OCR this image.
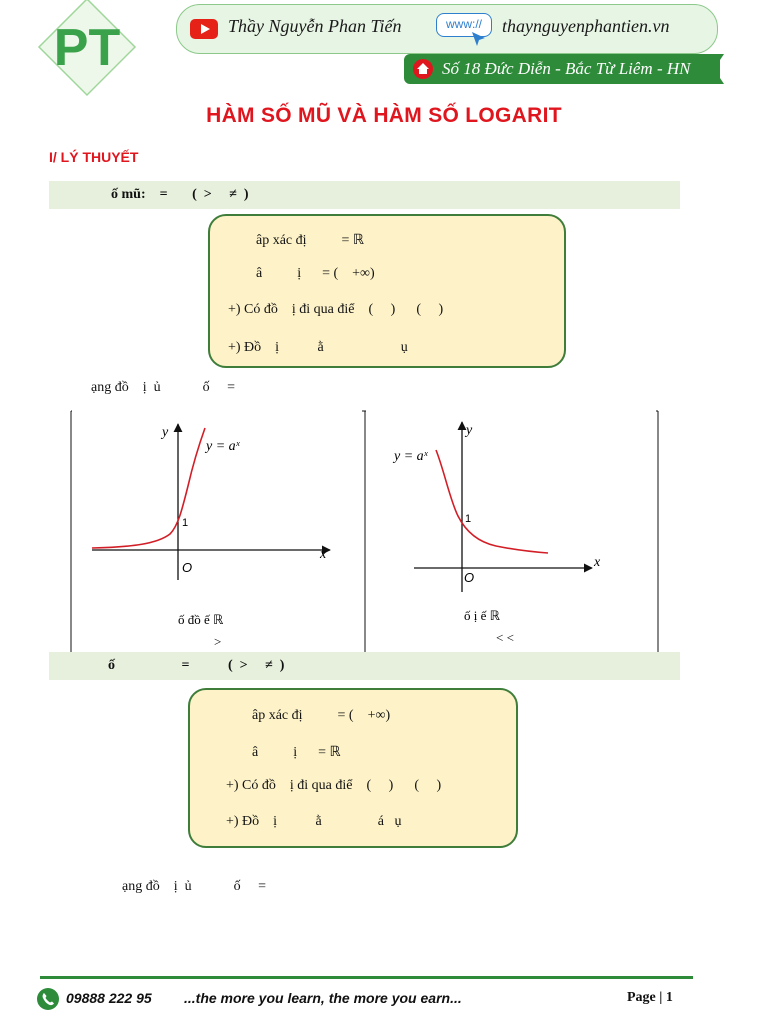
PT	Thầy Nguyễn Phan Tiến	www://	thaynguyenphantien.vn
Số 18 Đức Diễn - Bắc Từ Liêm - HN
HÀM SỐ MŨ VÀ HÀM SỐ LOGARIT
I/ LÝ THUYẾT
ố mũ:    =       (  >     ≠  )
âp xác đị          = ℝ
â          ị      = (    +∞)
+) Có đồ    ị đi qua điể    (     )      (     )
+) Đồ    ị           ằ                      ụ
ạng đồ    ị  ủ            ố     =
y
x
O
1
y = aˣ
ố đồ ế ℝ
>
y
x
O
1
y = aˣ
ố ị ế ℝ
< <
ố                   =           (  >     ≠  )
âp xác đị          = (    +∞)
â          ị      = ℝ
+) Có đồ    ị đi qua điể    (     )      (     )
+) Đồ    ị           ằ                á   ụ
ạng đồ    ị  ủ            ố     =
09888 222 95 ...the more you learn, the more you earn...	Page | 1
